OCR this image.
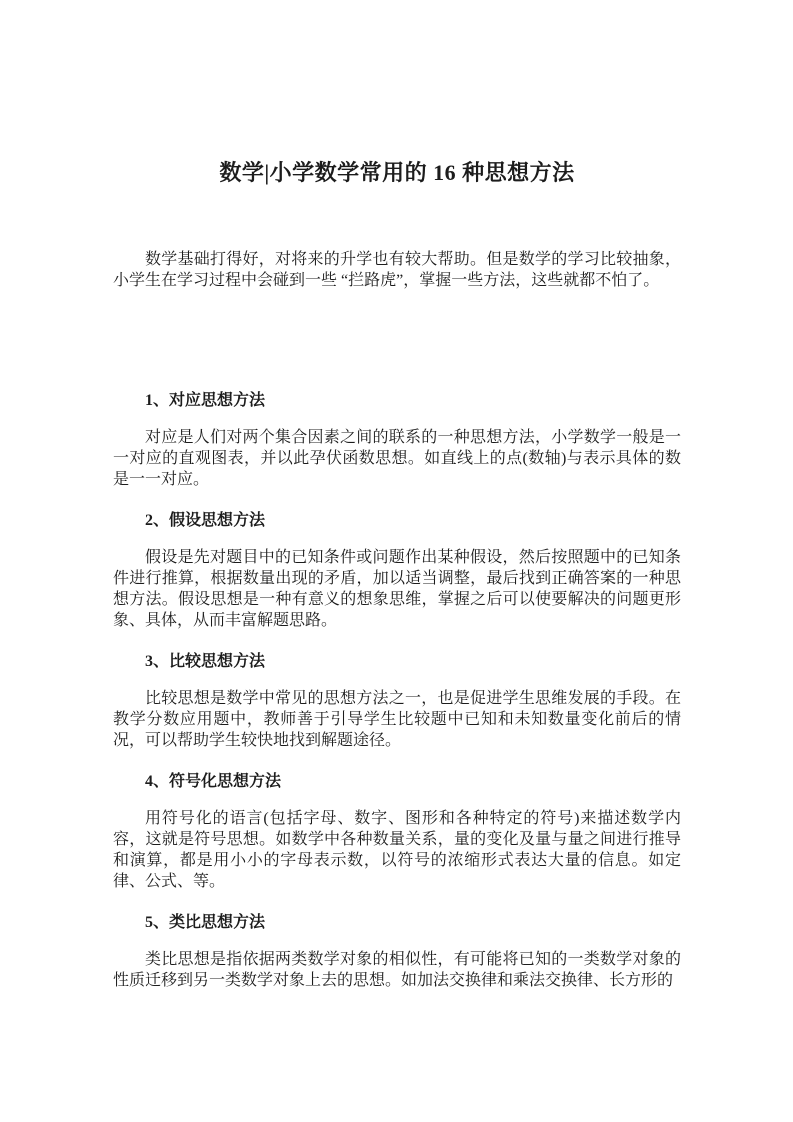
数学|小学数学常用的 16 种思想方法

数学基础打得好，对将来的升学也有较大帮助。但是数学的学习比较抽象，小学生在学习过程中会碰到一些 “拦路虎”，掌握一些方法，这些就都不怕了。

1、对应思想方法

对应是人们对两个集合因素之间的联系的一种思想方法，小学数学一般是一一对应的直观图表，并以此孕伏函数思想。如直线上的点(数轴)与表示具体的数是一一对应。

2、假设思想方法

假设是先对题目中的已知条件或问题作出某种假设，然后按照题中的已知条件进行推算，根据数量出现的矛盾，加以适当调整，最后找到正确答案的一种思想方法。假设思想是一种有意义的想象思维，掌握之后可以使要解决的问题更形象、具体，从而丰富解题思路。

3、比较思想方法

比较思想是数学中常见的思想方法之一，也是促进学生思维发展的手段。在教学分数应用题中，教师善于引导学生比较题中已知和未知数量变化前后的情况，可以帮助学生较快地找到解题途径。

4、符号化思想方法

用符号化的语言(包括字母、数字、图形和各种特定的符号)来描述数学内容，这就是符号思想。如数学中各种数量关系，量的变化及量与量之间进行推导和演算，都是用小小的字母表示数，以符号的浓缩形式表达大量的信息。如定律、公式、等。

5、类比思想方法

类比思想是指依据两类数学对象的相似性，有可能将已知的一类数学对象的性质迁移到另一类数学对象上去的思想。如加法交换律和乘法交换律、长方形的
